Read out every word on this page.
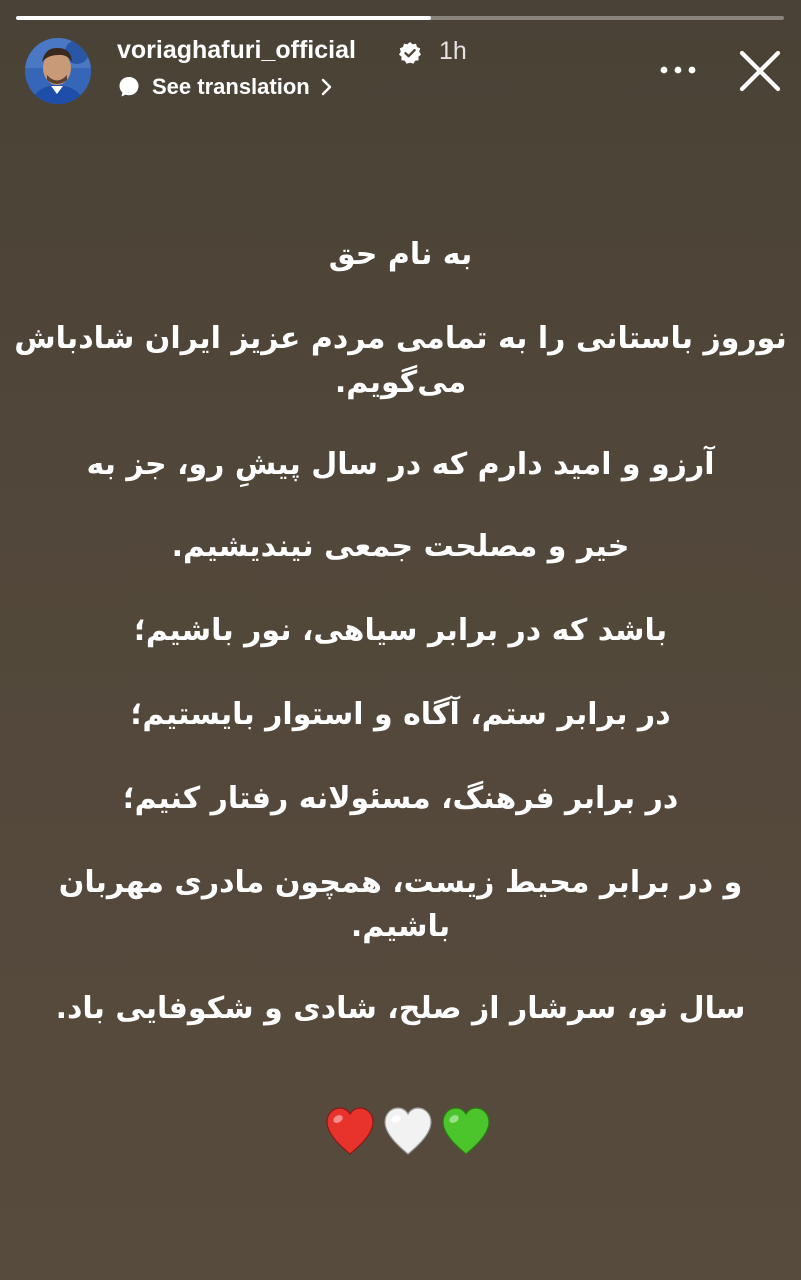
voriaghafuri_official	1h
See translation
به نام حق
نوروز باستانی را به تمامی مردم عزیز ایران شادباش
می‌گویم.
آرزو و امید دارم که در سال پیشِ رو، جز به
خیر و مصلحت جمعی نیندیشیم.
باشد که در برابر سیاهی، نور باشیم؛
در برابر ستم، آگاه و استوار بایستیم؛
در برابر فرهنگ، مسئولانه رفتار کنیم؛
و در برابر محیط زیست، همچون مادری مهربان
باشیم.
سال نو، سرشار از صلح، شادی و شکوفایی باد.
